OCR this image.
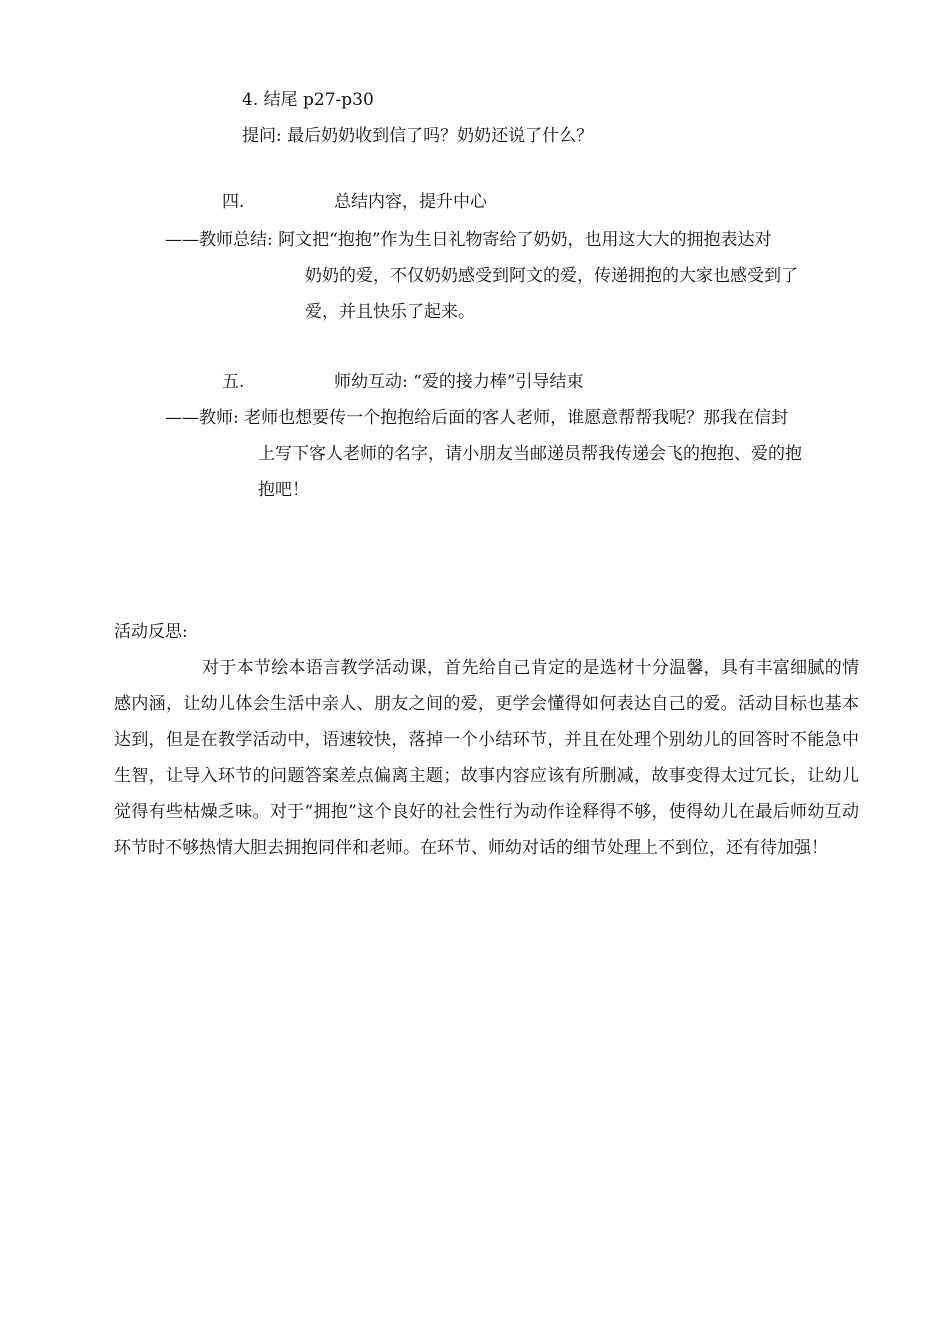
4. 结尾 p27-p30
提问: 最后奶奶收到信了吗？奶奶还说了什么？
四.	总结内容，提升中心
——教师总结: 阿文把“抱抱”作为生日礼物寄给了奶奶，也用这大大的拥抱表达对
奶奶的爱，不仅奶奶感受到阿文的爱，传递拥抱的大家也感受到了
爱，并且快乐了起来。
五.	师幼互动: “爱的接力棒”引导结束
——教师: 老师也想要传一个抱抱给后面的客人老师，谁愿意帮帮我呢？那我在信封
上写下客人老师的名字，请小朋友当邮递员帮我传递会飞的抱抱、爱的抱
抱吧！
活动反思:
对于本节绘本语言教学活动课，首先给自己肯定的是选材十分温馨，具有丰富细腻的情感内涵，让幼儿体会生活中亲人、朋友之间的爱，更学会懂得如何表达自己的爱。活动目标也基本达到，但是在教学活动中，语速较快，落掉一个小结环节，并且在处理个别幼儿的回答时不能急中生智，让导入环节的问题答案差点偏离主题；故事内容应该有所删减，故事变得太过冗长，让幼儿觉得有些枯燥乏味。对于“拥抱”这个良好的社会性行为动作诠释得不够，使得幼儿在最后师幼互动环节时不够热情大胆去拥抱同伴和老师。在环节、师幼对话的细节处理上不到位，还有待加强！
